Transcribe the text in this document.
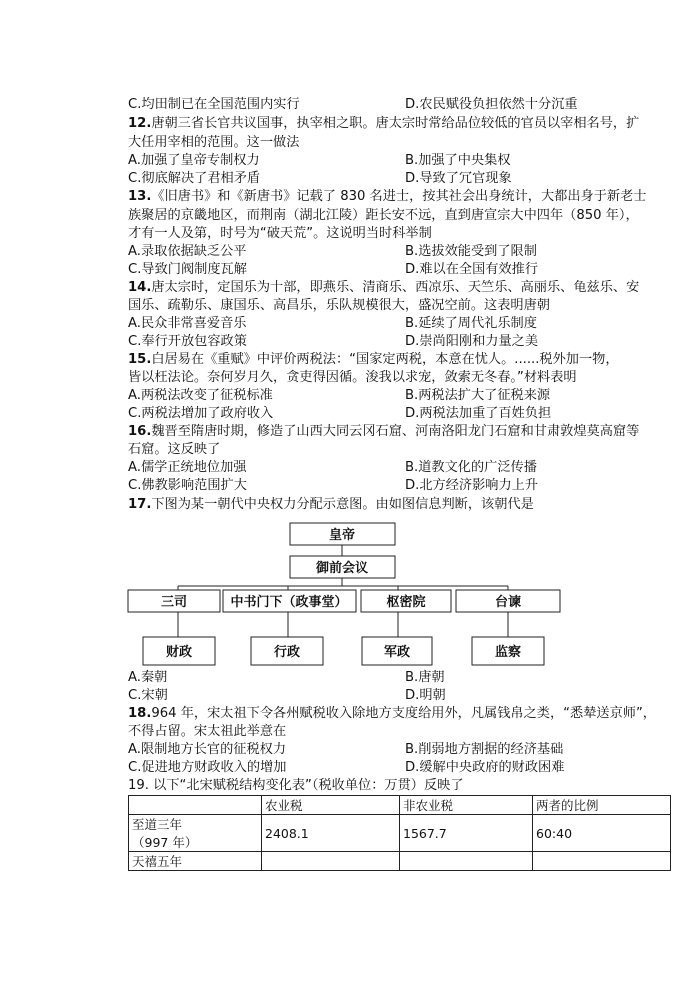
C.均田制已在全国范围内实行	D.农民赋役负担依然十分沉重
12.唐朝三省长官共议国事，执宰相之职。唐太宗时常给品位较低的官员以宰相名号，扩
大任用宰相的范围。这一做法
A.加强了皇帝专制权力	B.加强了中央集权
C.彻底解决了君相矛盾	D.导致了冗官现象
13.《旧唐书》和《新唐书》记载了 830 名进士，按其社会出身统计，大都出身于新老士
族聚居的京畿地区，而荆南（湖北江陵）距长安不远，直到唐宣宗大中四年（850 年），
才有一人及第，时号为“破天荒”。这说明当时科举制
A.录取依据缺乏公平	B.选拔效能受到了限制
C.导致门阀制度瓦解	D.难以在全国有效推行
14.唐太宗时，定国乐为十部，即燕乐、清商乐、西凉乐、天竺乐、高丽乐、龟兹乐、安
国乐、疏勒乐、康国乐、高昌乐，乐队规模很大，盛况空前。这表明唐朝
A.民众非常喜爱音乐	B.延续了周代礼乐制度
C.奉行开放包容政策	D.崇尚阳刚和力量之美
15.白居易在《重赋》中评价两税法：“国家定两税，本意在忧人。......税外加一物，
皆以枉法论。奈何岁月久，贪吏得因循。浚我以求宠，敛索无冬春。”材料表明
A.两税法改变了征税标准	B.两税法扩大了征税来源
C.两税法增加了政府收入	D.两税法加重了百姓负担
16.魏晋至隋唐时期，修造了山西大同云冈石窟、河南洛阳龙门石窟和甘肃敦煌莫高窟等
石窟。这反映了
A.儒学正统地位加强	B.道教文化的广泛传播
C.佛教影响范围扩大	D.北方经济影响力上升
17.下图为某一朝代中央权力分配示意图。由如图信息判断，该朝代是
皇帝
御前会议
三司	中书门下（政事堂）	枢密院	台谏
财政	行政	军政	监察
A.秦朝	B.唐朝
C.宋朝	D.明朝
18.964 年，宋太祖下令各州赋税收入除地方支度给用外，凡属钱帛之类，“悉辇送京师”，
不得占留。宋太祖此举意在
A.限制地方长官的征税权力	B.削弱地方割据的经济基础
C.促进地方财政收入的增加	D.缓解中央政府的财政困难
19. 以下“北宋赋税结构变化表”（税收单位：万贯）反映了
	农业税	非农业税	两者的比例

至道三年
（997 年）	2408.1	1567.7	60:40
天禧五年			
